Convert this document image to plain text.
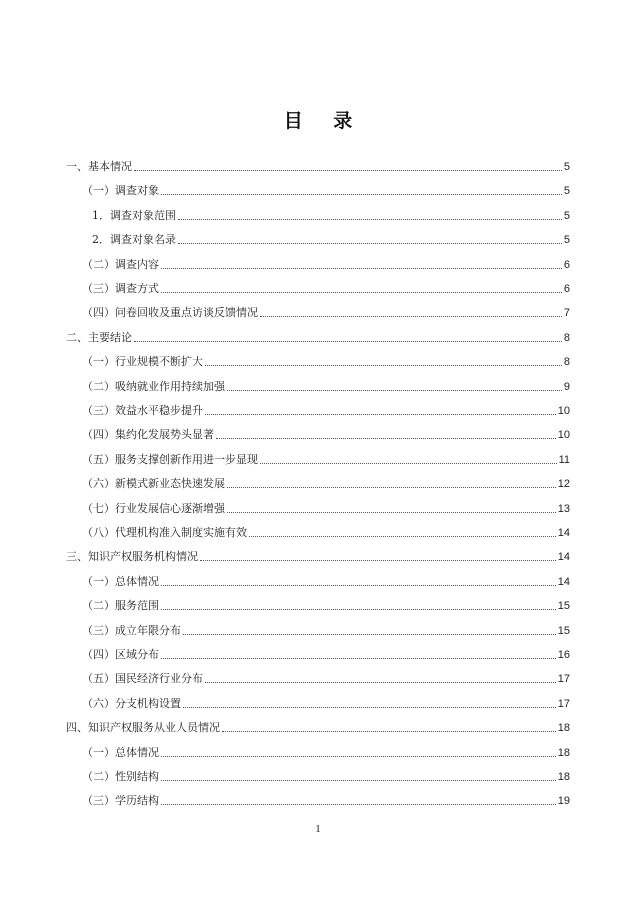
目 录
一、基本情况	5
（一）调查对象	5
1．调查对象范围	5
2．调查对象名录	5
（二）调查内容	6
（三）调查方式	6
（四）问卷回收及重点访谈反馈情况	7
二、主要结论	8
（一）行业规模不断扩大	8
（二）吸纳就业作用持续加强	9
（三）效益水平稳步提升	10
（四）集约化发展势头显著	10
（五）服务支撑创新作用进一步显现	11
（六）新模式新业态快速发展	12
（七）行业发展信心逐渐增强	13
（八）代理机构准入制度实施有效	14
三、知识产权服务机构情况	14
（一）总体情况	14
（二）服务范围	15
（三）成立年限分布	15
（四）区域分布	16
（五）国民经济行业分布	17
（六）分支机构设置	17
四、知识产权服务从业人员情况	18
（一）总体情况	18
（二）性别结构	18
（三）学历结构	19
1
